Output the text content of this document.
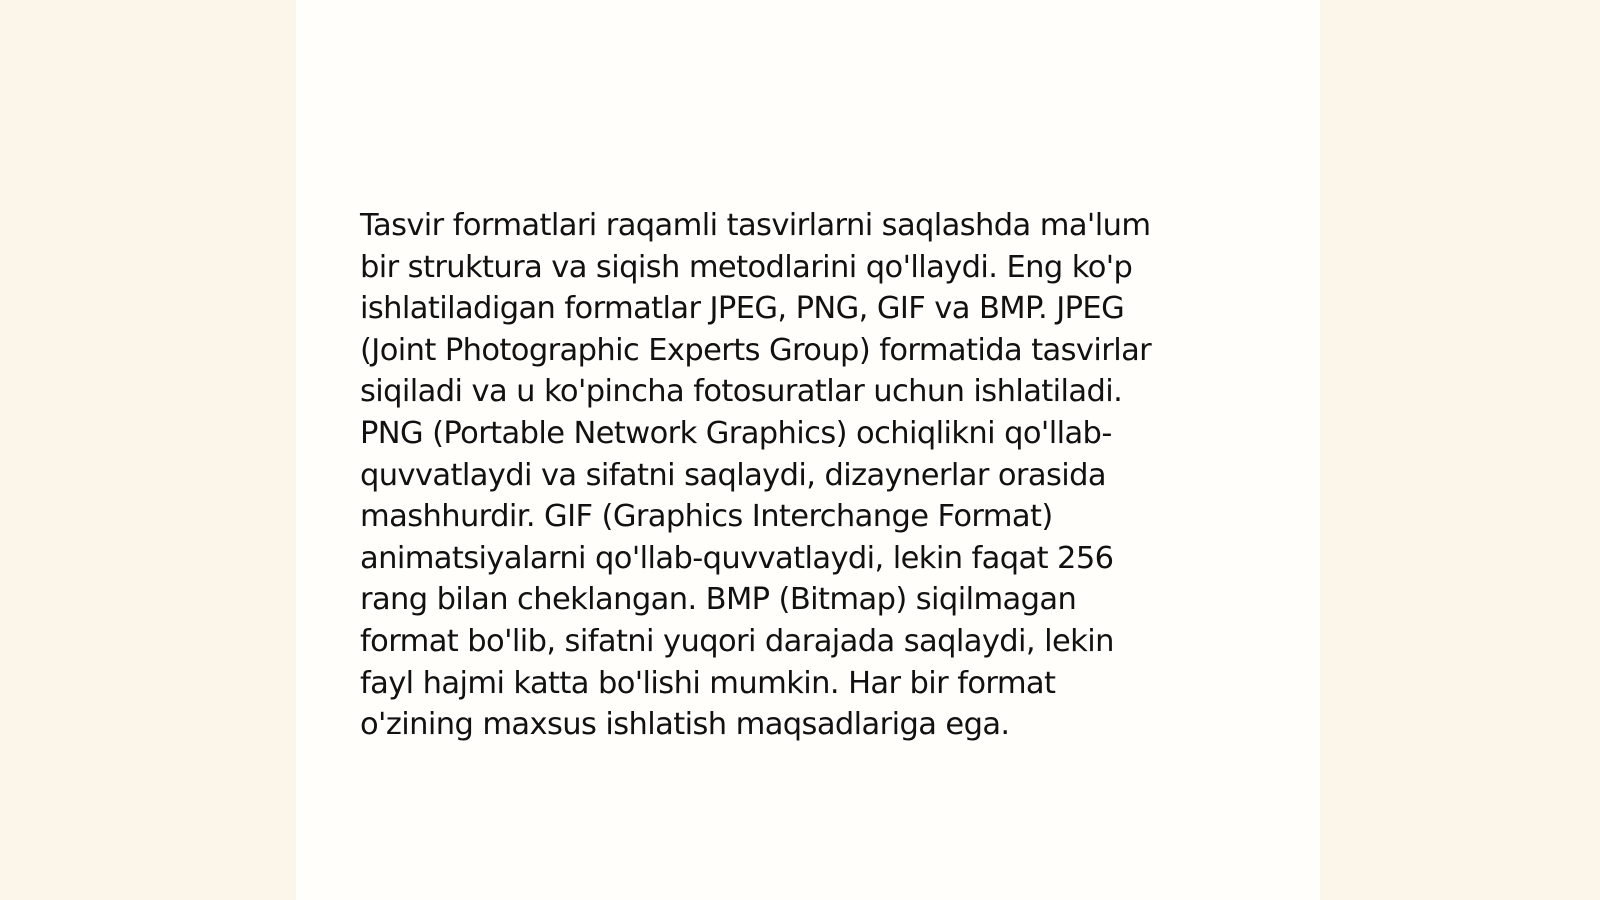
Tasvir formatlari raqamli tasvirlarni saqlashda ma'lum
bir struktura va siqish metodlarini qo'llaydi. Eng ko'p
ishlatiladigan formatlar JPEG, PNG, GIF va BMP. JPEG
(Joint Photographic Experts Group) formatida tasvirlar
siqiladi va u ko'pincha fotosuratlar uchun ishlatiladi.
PNG (Portable Network Graphics) ochiqlikni qo'llab-
quvvatlaydi va sifatni saqlaydi, dizaynerlar orasida
mashhurdir. GIF (Graphics Interchange Format)
animatsiyalarni qo'llab-quvvatlaydi, lekin faqat 256
rang bilan cheklangan. BMP (Bitmap) siqilmagan
format bo'lib, sifatni yuqori darajada saqlaydi, lekin
fayl hajmi katta bo'lishi mumkin. Har bir format
o'zining maxsus ishlatish maqsadlariga ega.
